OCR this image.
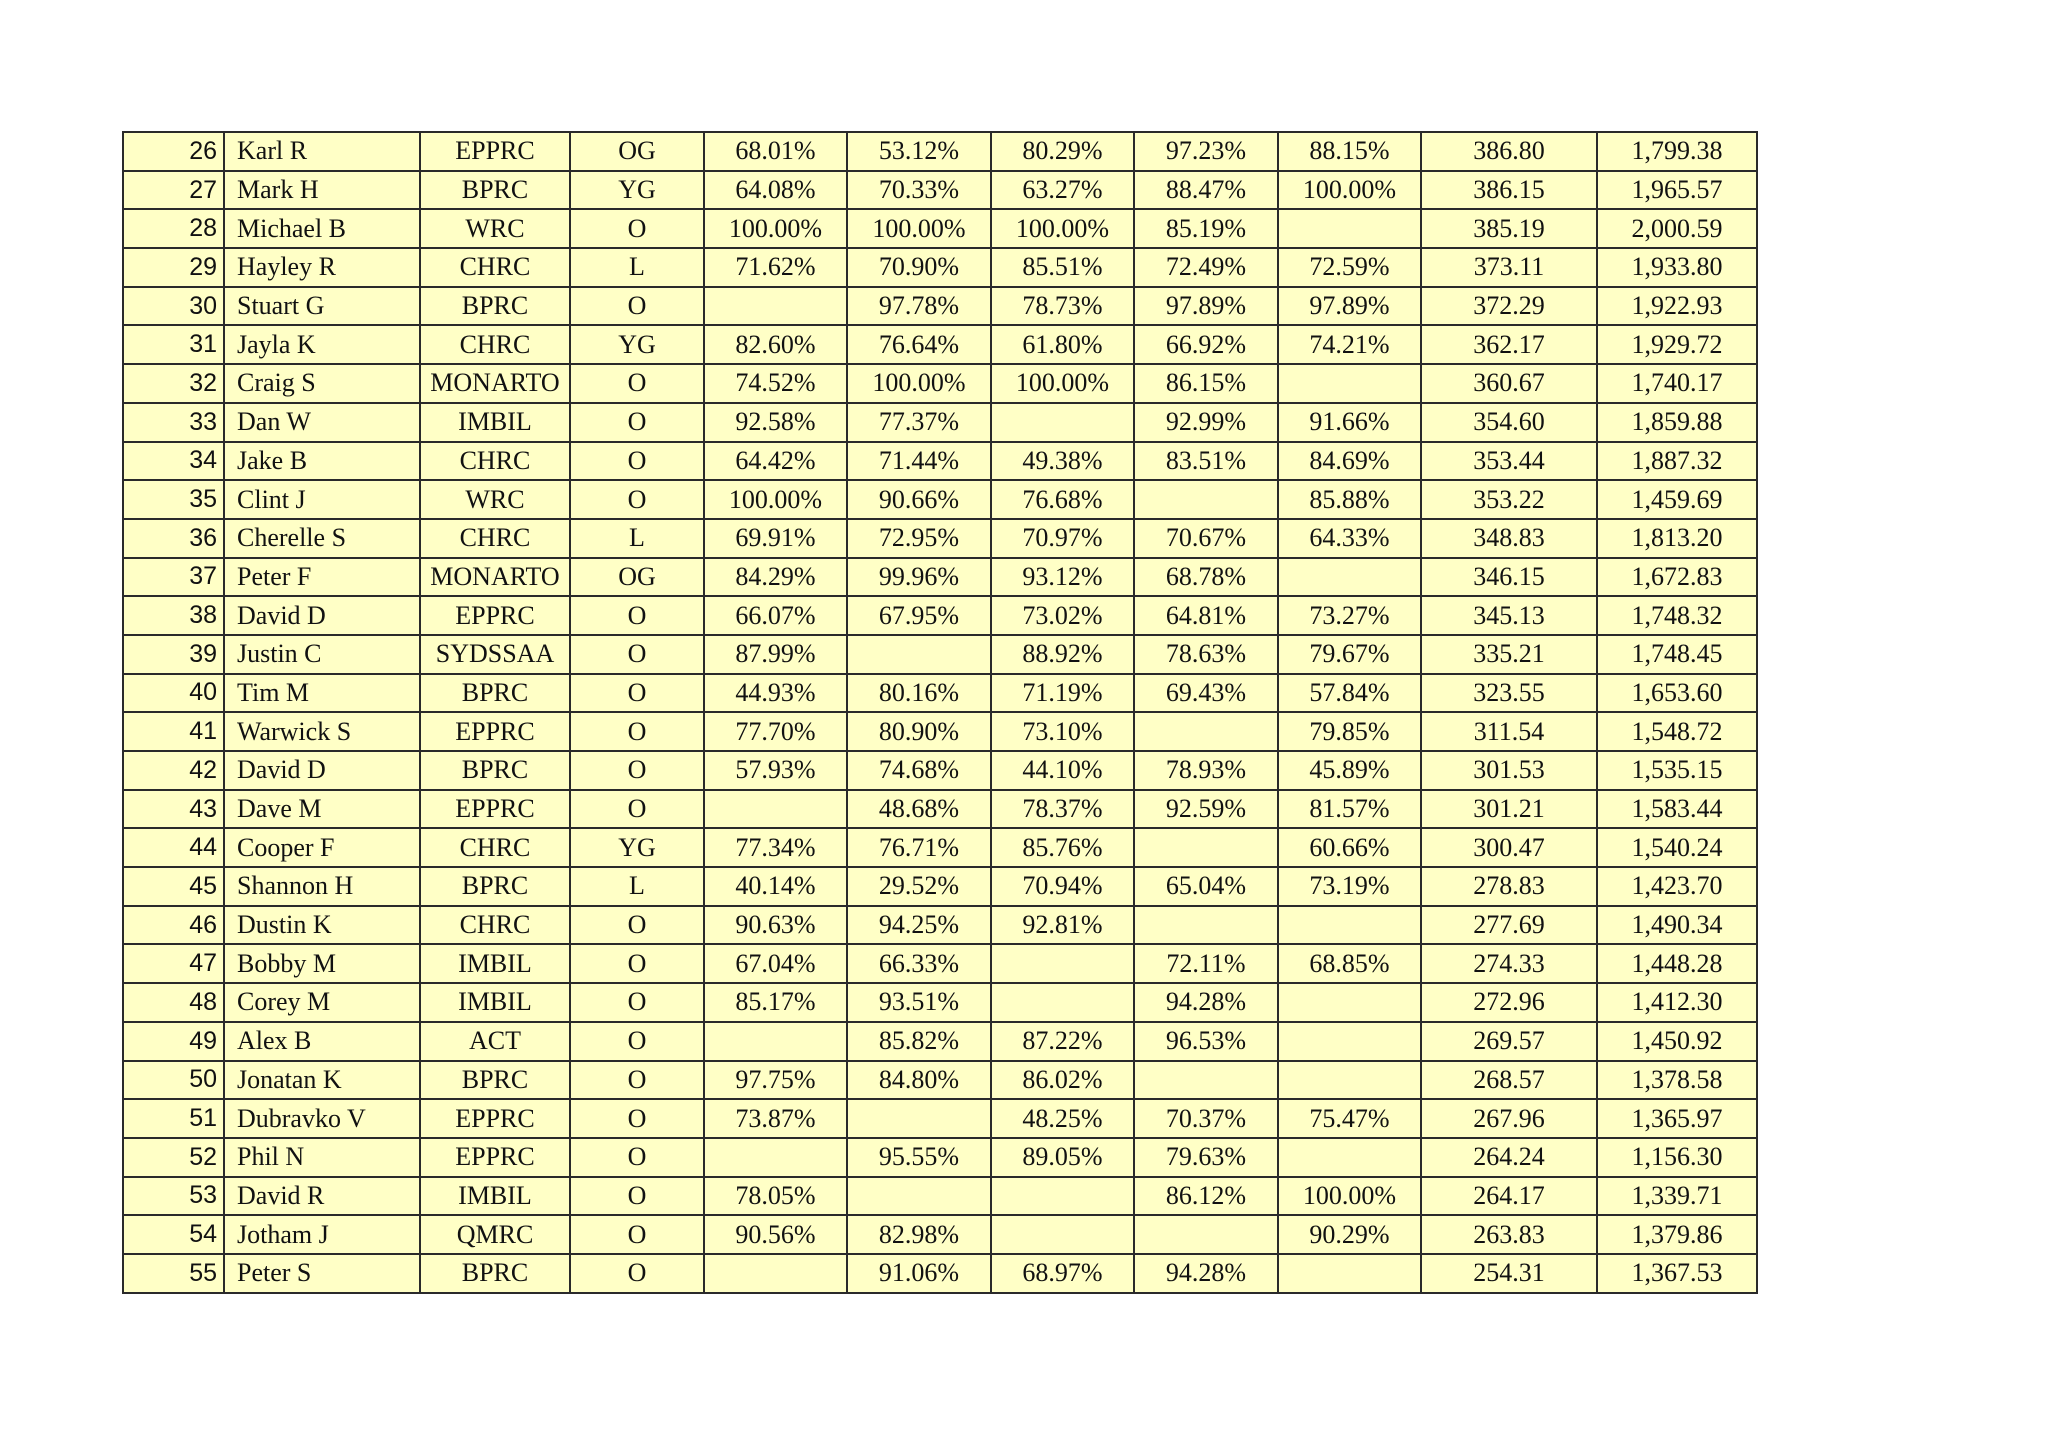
26	Karl R	EPPRC	OG	68.01%	53.12%	80.29%	97.23%	88.15%	386.80	1,799.38
27	Mark H	BPRC	YG	64.08%	70.33%	63.27%	88.47%	100.00%	386.15	1,965.57
28	Michael B	WRC	O	100.00%	100.00%	100.00%	85.19%		385.19	2,000.59
29	Hayley R	CHRC	L	71.62%	70.90%	85.51%	72.49%	72.59%	373.11	1,933.80
30	Stuart G	BPRC	O		97.78%	78.73%	97.89%	97.89%	372.29	1,922.93
31	Jayla K	CHRC	YG	82.60%	76.64%	61.80%	66.92%	74.21%	362.17	1,929.72
32	Craig S	MONARTO	O	74.52%	100.00%	100.00%	86.15%		360.67	1,740.17
33	Dan W	IMBIL	O	92.58%	77.37%		92.99%	91.66%	354.60	1,859.88
34	Jake B	CHRC	O	64.42%	71.44%	49.38%	83.51%	84.69%	353.44	1,887.32
35	Clint J	WRC	O	100.00%	90.66%	76.68%		85.88%	353.22	1,459.69
36	Cherelle S	CHRC	L	69.91%	72.95%	70.97%	70.67%	64.33%	348.83	1,813.20
37	Peter F	MONARTO	OG	84.29%	99.96%	93.12%	68.78%		346.15	1,672.83
38	David D	EPPRC	O	66.07%	67.95%	73.02%	64.81%	73.27%	345.13	1,748.32
39	Justin C	SYDSSAA	O	87.99%		88.92%	78.63%	79.67%	335.21	1,748.45
40	Tim M	BPRC	O	44.93%	80.16%	71.19%	69.43%	57.84%	323.55	1,653.60
41	Warwick S	EPPRC	O	77.70%	80.90%	73.10%		79.85%	311.54	1,548.72
42	David D	BPRC	O	57.93%	74.68%	44.10%	78.93%	45.89%	301.53	1,535.15
43	Dave M	EPPRC	O		48.68%	78.37%	92.59%	81.57%	301.21	1,583.44
44	Cooper F	CHRC	YG	77.34%	76.71%	85.76%		60.66%	300.47	1,540.24
45	Shannon H	BPRC	L	40.14%	29.52%	70.94%	65.04%	73.19%	278.83	1,423.70
46	Dustin K	CHRC	O	90.63%	94.25%	92.81%			277.69	1,490.34
47	Bobby M	IMBIL	O	67.04%	66.33%		72.11%	68.85%	274.33	1,448.28
48	Corey M	IMBIL	O	85.17%	93.51%		94.28%		272.96	1,412.30
49	Alex B	ACT	O		85.82%	87.22%	96.53%		269.57	1,450.92
50	Jonatan K	BPRC	O	97.75%	84.80%	86.02%			268.57	1,378.58
51	Dubravko V	EPPRC	O	73.87%		48.25%	70.37%	75.47%	267.96	1,365.97
52	Phil N	EPPRC	O		95.55%	89.05%	79.63%		264.24	1,156.30
53	David R	IMBIL	O	78.05%			86.12%	100.00%	264.17	1,339.71
54	Jotham J	QMRC	O	90.56%	82.98%			90.29%	263.83	1,379.86
55	Peter S	BPRC	O		91.06%	68.97%	94.28%		254.31	1,367.53
